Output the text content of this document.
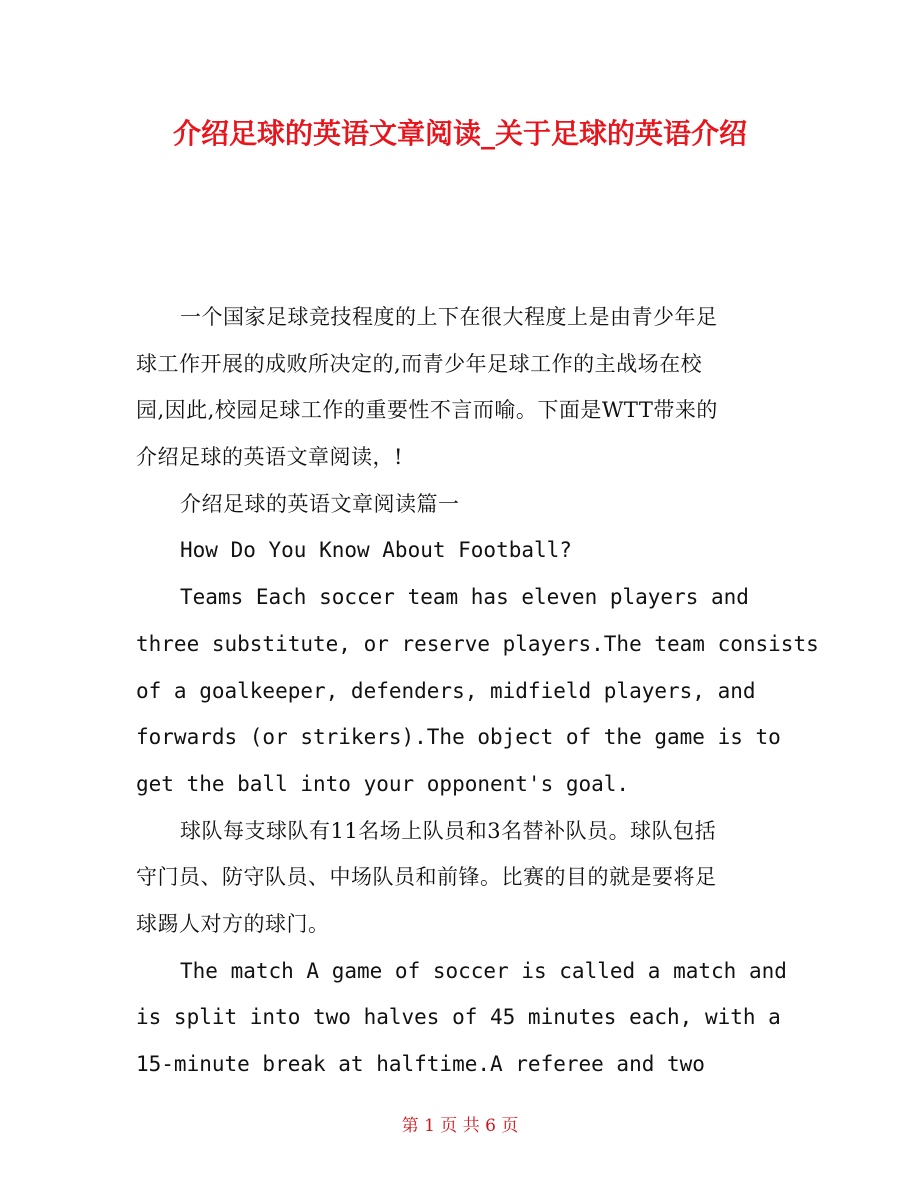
介绍足球的英语文章阅读_关于足球的英语介绍
一个国家足球竞技程度的上下在很大程度上是由青少年足
球工作开展的成败所决定的,而青少年足球工作的主战场在校
园,因此,校园足球工作的重要性不言而喻。下面是WTT带来的
介绍足球的英语文章阅读，!
介绍足球的英语文章阅读篇一
How Do You Know About Football?
Teams Each soccer team has eleven players and
three substitute, or reserve players.The team consists
of a goalkeeper, defenders, midfield players, and
forwards (or strikers).The object of the game is to
get the ball into your opponent's goal.
球队每支球队有11名场上队员和3名替补队员。球队包括
守门员、防守队员、中场队员和前锋。比赛的目的就是要将足
球踢人对方的球门。
The match A game of soccer is called a match and
is split into two halves of 45 minutes each, with a
15-minute break at halftime.A referee and two
第 1 页 共 6 页
